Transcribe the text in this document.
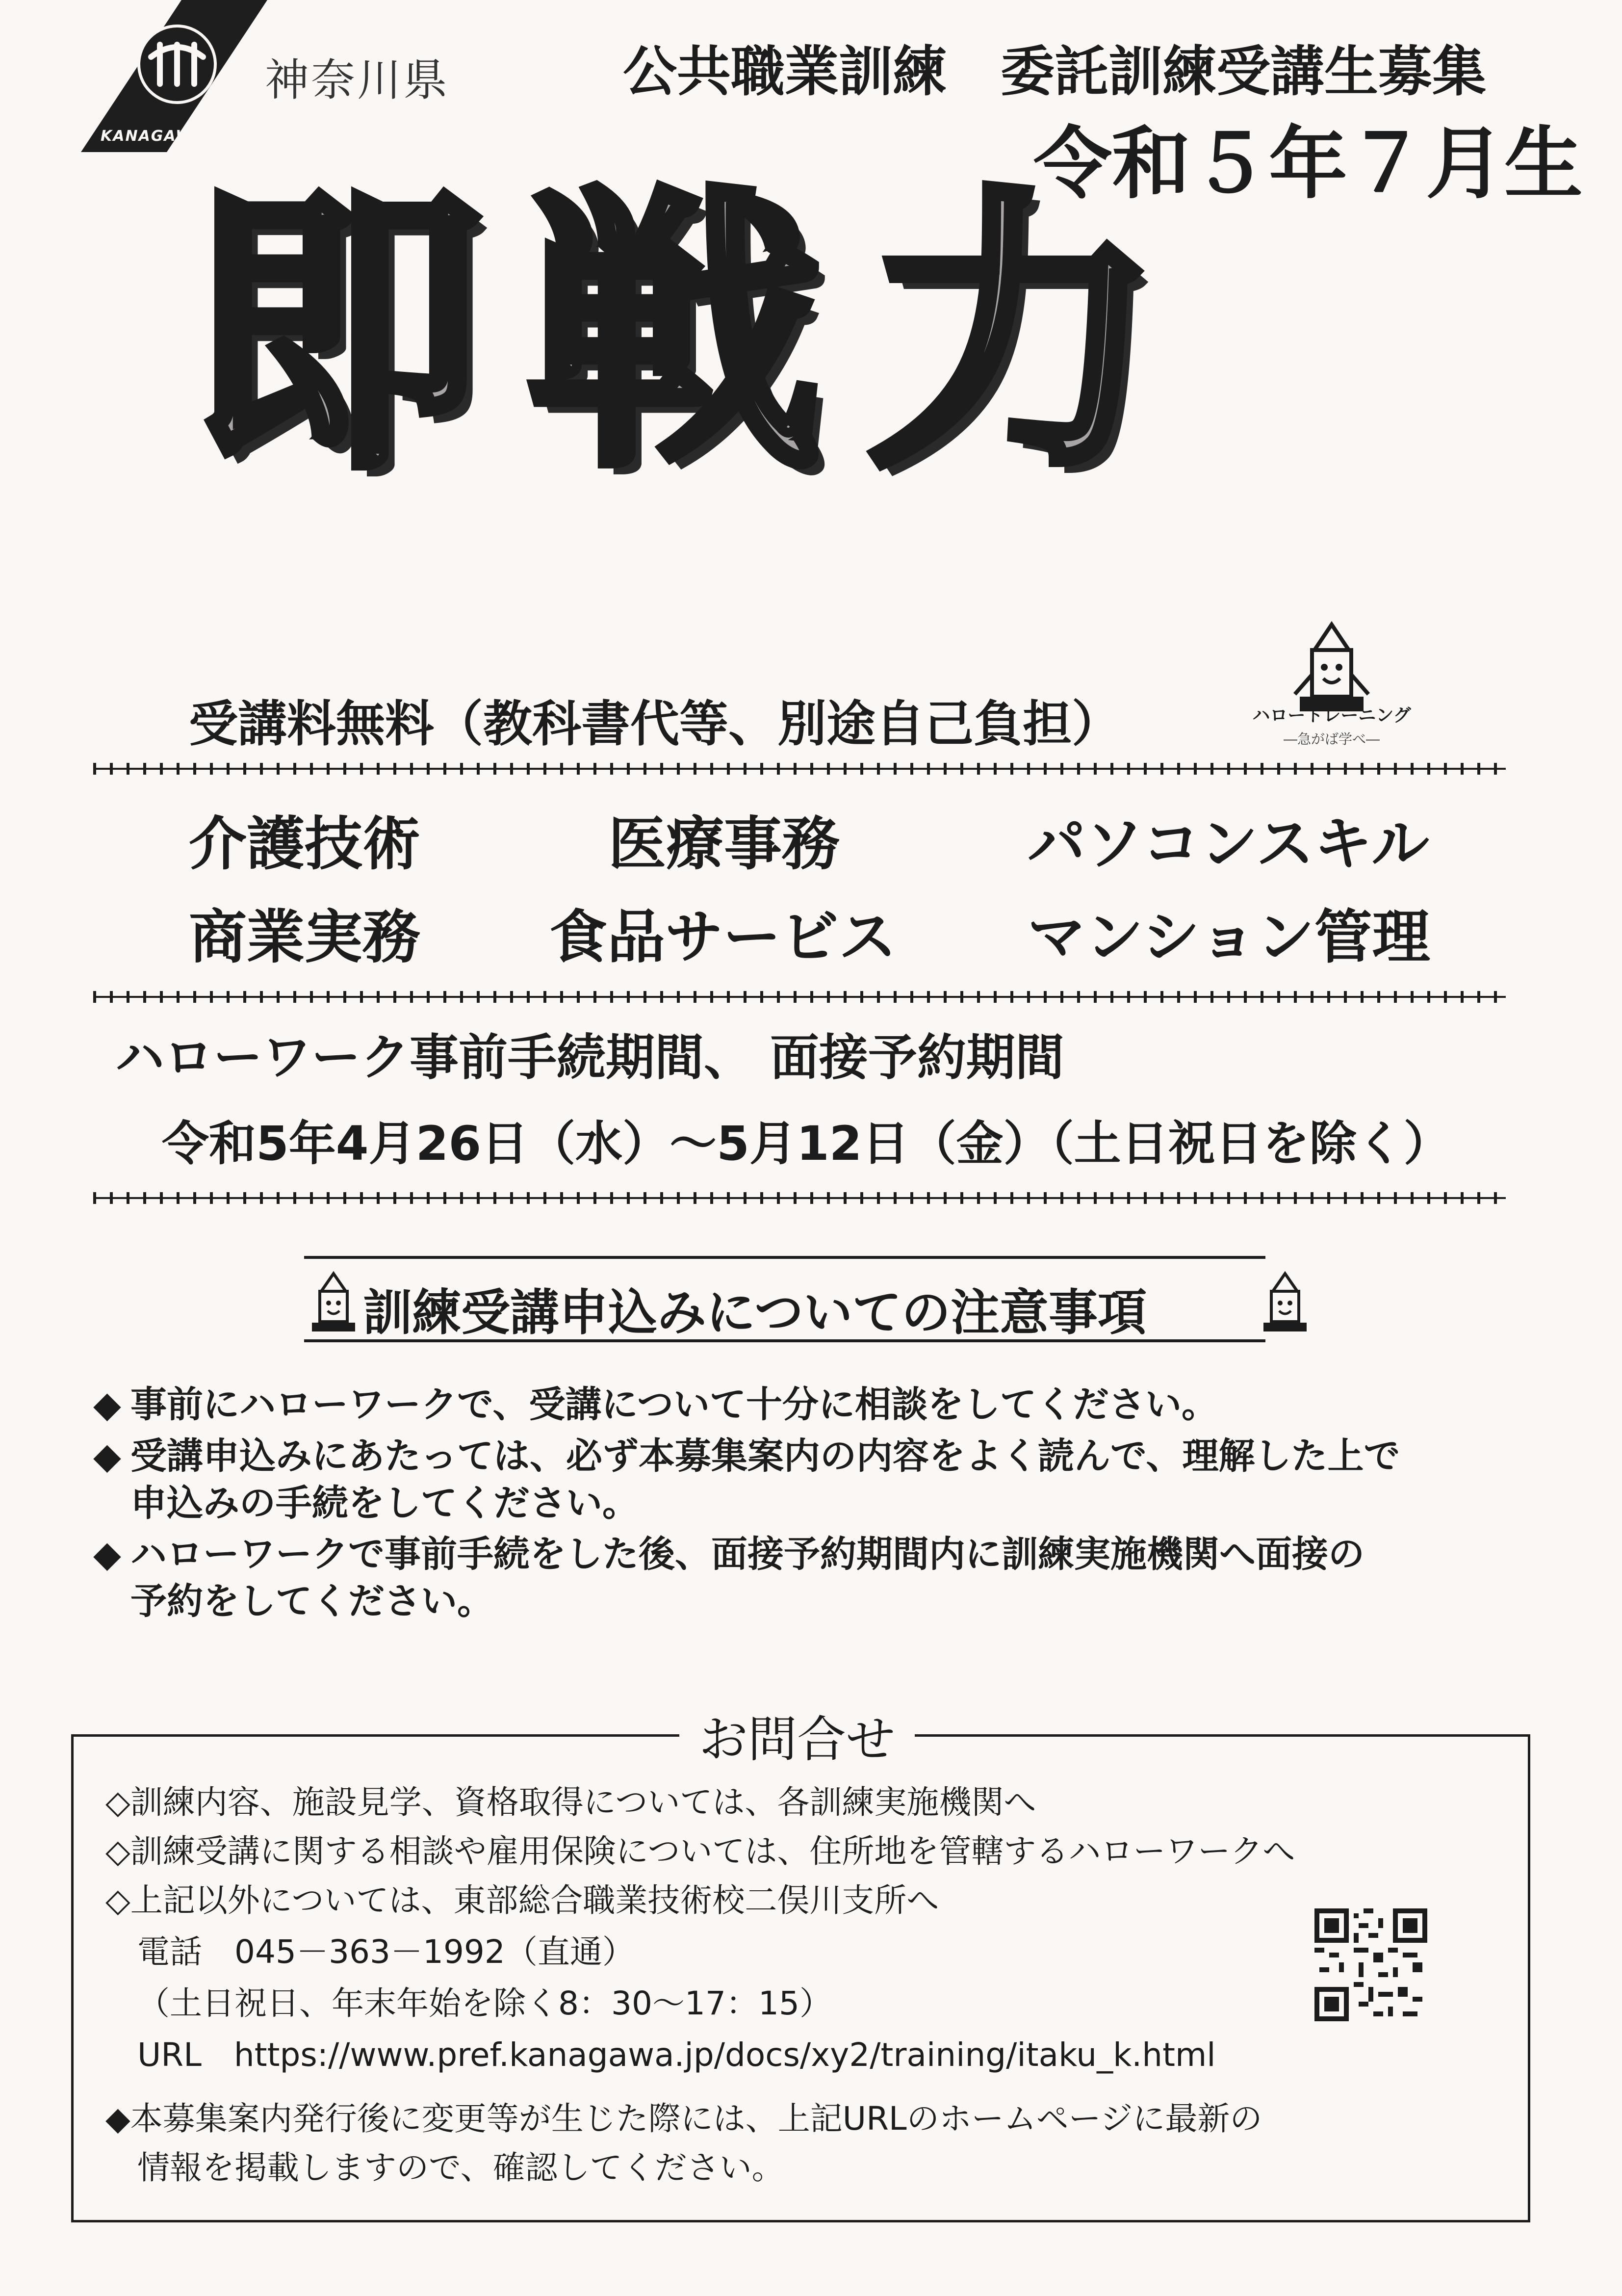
KANAGAWA
神奈川県	公共職業訓練　委託訓練受講生募集
令和５年７月生
即戦力
受講料無料（教科書代等、別途自己負担）	ハロートレーニング
―急がば学べ―
介護技術	医療事務	パソコンスキル
商業実務 食品サービス マンション管理
ハローワーク事前手続期間、 面接予約期間
令和5年4月26日（水）～5月12日（金）（土日祝日を除く）
訓練受講申込みについての注意事項
◆ 事前にハローワークで、受講について十分に相談をしてください。
◆ 受講申込みにあたっては、必ず本募集案内の内容をよく読んで、理解した上で
申込みの手続をしてください。
◆ ハローワークで事前手続をした後、面接予約期間内に訓練実施機関へ面接の
予約をしてください。
お問合せ
◇訓練内容、施設見学、資格取得については、各訓練実施機関へ
◇訓練受講に関する相談や雇用保険については、住所地を管轄するハローワークへ
◇上記以外については、東部総合職業技術校二俣川支所へ
電話　045－363－1992（直通）
（土日祝日、年末年始を除く8：30～17：15）
URL　https://www.pref.kanagawa.jp/docs/xy2/training/itaku_k.html
◆本募集案内発行後に変更等が生じた際には、上記URLのホームページに最新の
情報を掲載しますので、確認してください。
